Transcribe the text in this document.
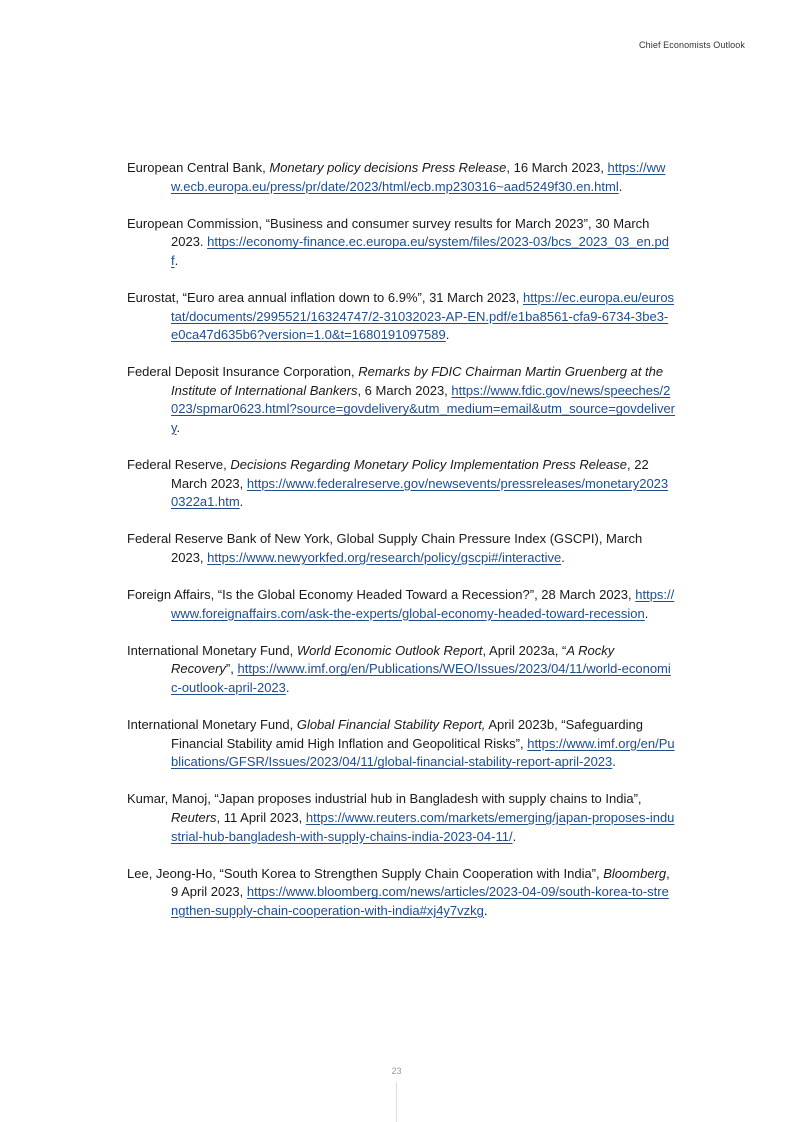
Chief Economists Outlook
European Central Bank, Monetary policy decisions Press Release, 16 March 2023, https://www.ecb.europa.eu/press/pr/date/2023/html/ecb.mp230316~aad5249f30.en.html.
European Commission, “Business and consumer survey results for March 2023”, 30 March 2023. https://economy-finance.ec.europa.eu/system/files/2023-03/bcs_2023_03_en.pdf.
Eurostat, “Euro area annual inflation down to 6.9%”, 31 March 2023, https://ec.europa.eu/eurostat/documents/2995521/16324747/2-31032023-AP-EN.pdf/e1ba8561-cfa9-6734-3be3-e0ca47d635b6?version=1.0&t=1680191097589.
Federal Deposit Insurance Corporation, Remarks by FDIC Chairman Martin Gruenberg at the Institute of International Bankers, 6 March 2023, https://www.fdic.gov/news/speeches/2023/spmar0623.html?source=govdelivery&utm_medium=email&utm_source=govdelivery.
Federal Reserve, Decisions Regarding Monetary Policy Implementation Press Release, 22 March 2023, https://www.federalreserve.gov/newsevents/pressreleases/monetary20230322a1.htm.
Federal Reserve Bank of New York, Global Supply Chain Pressure Index (GSCPI), March 2023, https://www.newyorkfed.org/research/policy/gscpi#/interactive.
Foreign Affairs, “Is the Global Economy Headed Toward a Recession?”, 28 March 2023, https://www.foreignaffairs.com/ask-the-experts/global-economy-headed-toward-recession.
International Monetary Fund, World Economic Outlook Report, April 2023a, “A Rocky Recovery”, https://www.imf.org/en/Publications/WEO/Issues/2023/04/11/world-economic-outlook-april-2023.
International Monetary Fund, Global Financial Stability Report, April 2023b, “Safeguarding Financial Stability amid High Inflation and Geopolitical Risks”, https://www.imf.org/en/Publications/GFSR/Issues/2023/04/11/global-financial-stability-report-april-2023.
Kumar, Manoj, “Japan proposes industrial hub in Bangladesh with supply chains to India”, Reuters, 11 April 2023, https://www.reuters.com/markets/emerging/japan-proposes-industrial-hub-bangladesh-with-supply-chains-india-2023-04-11/.
Lee, Jeong-Ho, “South Korea to Strengthen Supply Chain Cooperation with India”, Bloomberg, 9 April 2023, https://www.bloomberg.com/news/articles/2023-04-09/south-korea-to-strengthen-supply-chain-cooperation-with-india#xj4y7vzkg.
23
